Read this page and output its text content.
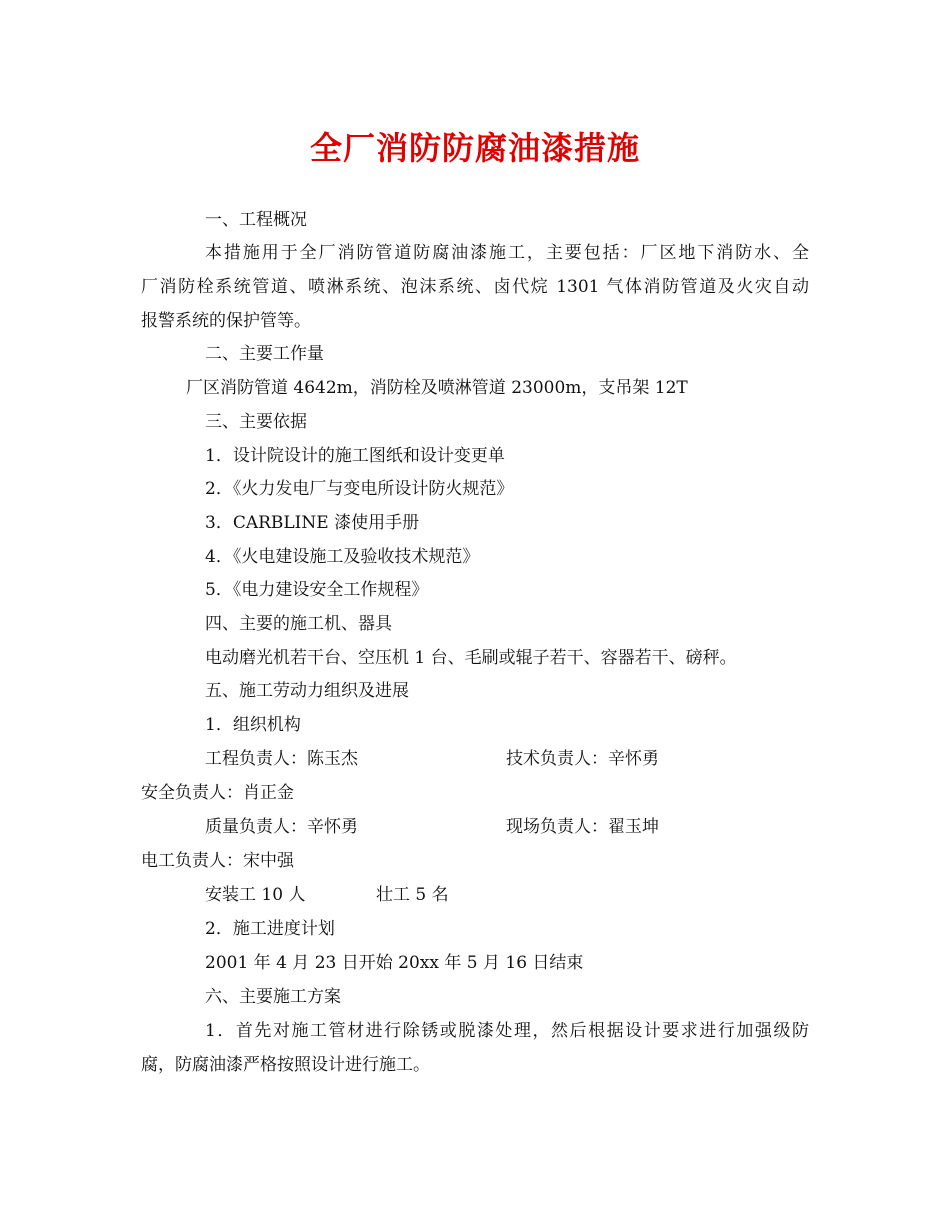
全厂消防防腐油漆措施
一、工程概况
本措施用于全厂消防管道防腐油漆施工，主要包括：厂区地下消防水、全
厂消防栓系统管道、喷淋系统、泡沫系统、卤代烷 1301 气体消防管道及火灾自动
报警系统的保护管等。
二、主要工作量
厂区消防管道 4642m，消防栓及喷淋管道 23000m，支吊架 12T
三、主要依据
1．设计院设计的施工图纸和设计变更单
2．《火力发电厂与变电所设计防火规范》
3．CARBLINE 漆使用手册
4．《火电建设施工及验收技术规范》
5．《电力建设安全工作规程》
四、主要的施工机、器具
电动磨光机若干台、空压机 1 台、毛刷或辊子若干、容器若干、磅秤。
五、施工劳动力组织及进展
1．组织机构
工程负责人：陈玉杰	技术负责人：辛怀勇
安全负责人：肖正金
质量负责人：辛怀勇	现场负责人：翟玉坤
电工负责人：宋中强
安装工 10 人	壮工 5 名
2．施工进度计划
2001 年 4 月 23 日开始 20xx 年 5 月 16 日结束
六、主要施工方案
1．首先对施工管材进行除锈或脱漆处理，然后根据设计要求进行加强级防
腐，防腐油漆严格按照设计进行施工。
